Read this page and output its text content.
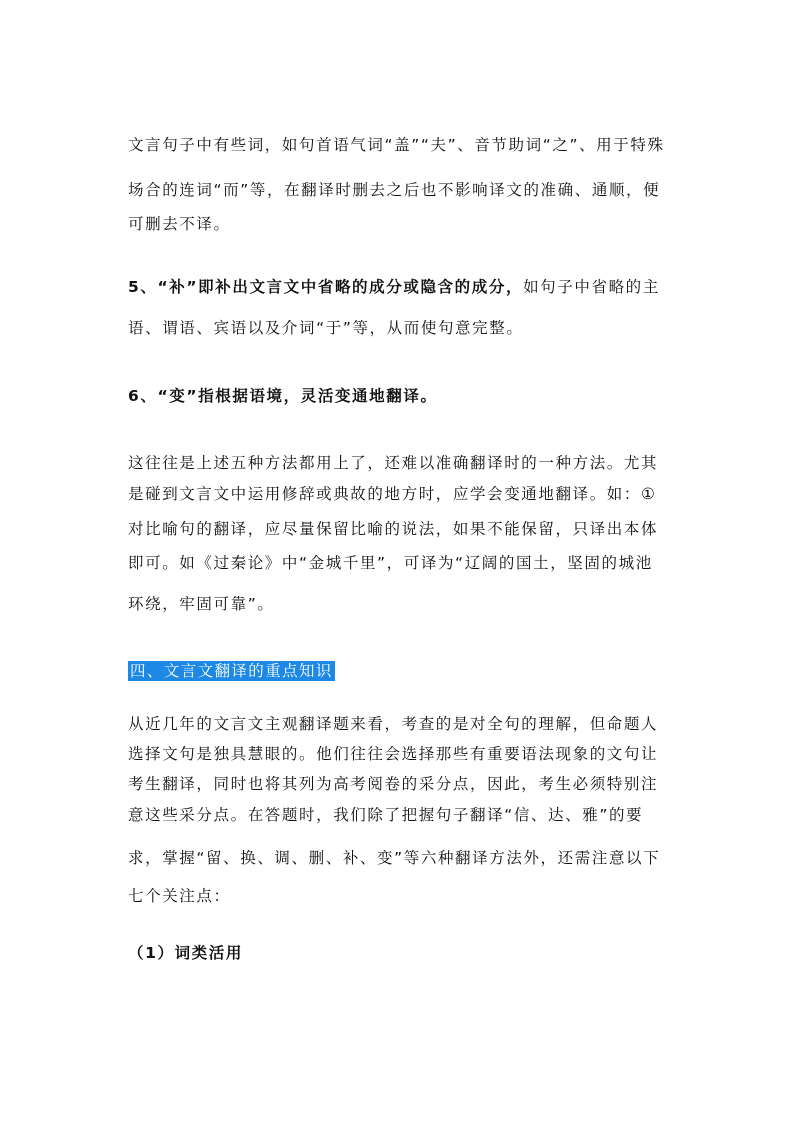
文言句子中有些词，如句首语气词“盖”“夫”、音节助词“之”、用于特殊

场合的连词“而”等，在翻译时删去之后也不影响译文的准确、通顺，便

可删去不译。

5、“补”即补出文言文中省略的成分或隐含的成分，如句子中省略的主

语、谓语、宾语以及介词“于”等，从而使句意完整。

6、“变”指根据语境，灵活变通地翻译。

这往往是上述五种方法都用上了，还难以准确翻译时的一种方法。尤其

是碰到文言文中运用修辞或典故的地方时，应学会变通地翻译。如：①

对比喻句的翻译，应尽量保留比喻的说法，如果不能保留，只译出本体

即可。如《过秦论》中“金城千里”，可译为“辽阔的国土，坚固的城池

环绕，牢固可靠”。

四、文言文翻译的重点知识

从近几年的文言文主观翻译题来看，考查的是对全句的理解，但命题人

选择文句是独具慧眼的。他们往往会选择那些有重要语法现象的文句让

考生翻译，同时也将其列为高考阅卷的采分点，因此，考生必须特别注

意这些采分点。在答题时，我们除了把握句子翻译“信、达、雅”的要

求，掌握“留、换、调、删、补、变”等六种翻译方法外，还需注意以下

七个关注点：

（1）词类活用
